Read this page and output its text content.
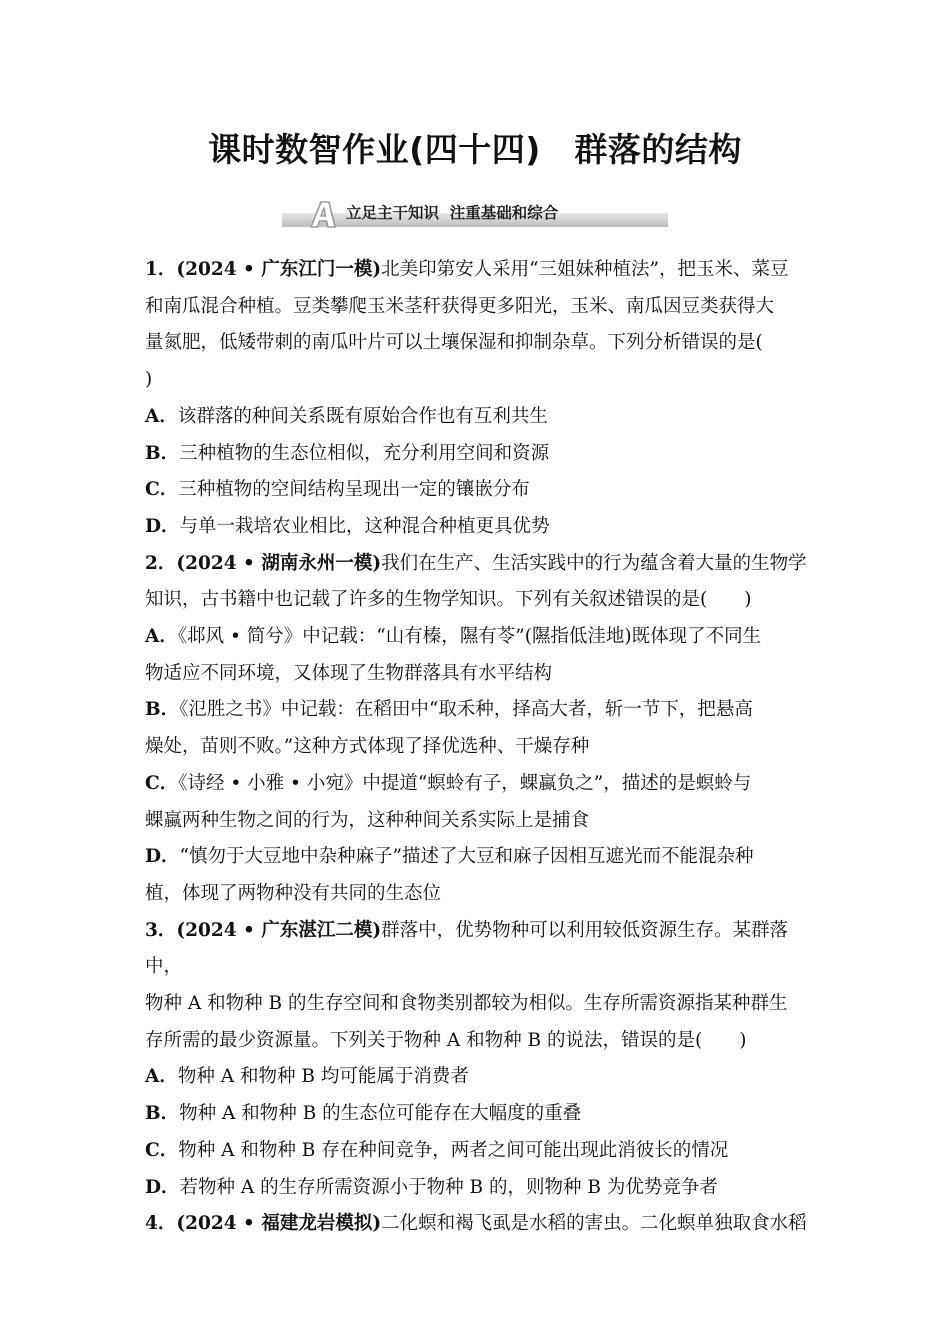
课时数智作业(四十四)　群落的结构
立足主干知识  注重基础和综合

1．(2024 • 广东江门一模)北美印第安人采用“三姐妹种植法”，把玉米、菜豆

和南瓜混合种植。豆类攀爬玉米茎秆获得更多阳光，玉米、南瓜因豆类获得大

量氮肥，低矮带刺的南瓜叶片可以土壤保湿和抑制杂草。下列分析错误的是(

)

A．该群落的种间关系既有原始合作也有互利共生

B．三种植物的生态位相似，充分利用空间和资源

C．三种植物的空间结构呈现出一定的镶嵌分布

D．与单一栽培农业相比，这种混合种植更具优势

2．(2024 • 湖南永州一模)我们在生产、生活实践中的行为蕴含着大量的生物学

知识，古书籍中也记载了许多的生物学知识。下列有关叙述错误的是(　　)

A．《邶风 • 简兮》中记载：“山有榛，隰有苓”(隰指低洼地)既体现了不同生

物适应不同环境，又体现了生物群落具有水平结构

B．《氾胜之书》中记载：在稻田中“取禾种，择高大者，斩一节下，把悬高

燥处，苗则不败。”这种方式体现了择优选种、干燥存种

C．《诗经 • 小雅 • 小宛》中提道“螟蛉有子，蜾蠃负之”，描述的是螟蛉与

蜾蠃两种生物之间的行为，这种种间关系实际上是捕食

D．“慎勿于大豆地中杂种麻子”描述了大豆和麻子因相互遮光而不能混杂种

植，体现了两物种没有共同的生态位

3．(2024 • 广东湛江二模)群落中，优势物种可以利用较低资源生存。某群落中，

物种 A 和物种 B 的生存空间和食物类别都较为相似。生存所需资源指某种群生

存所需的最少资源量。下列关于物种 A 和物种 B 的说法，错误的是(　　)

A．物种 A 和物种 B 均可能属于消费者

B．物种 A 和物种 B 的生态位可能存在大幅度的重叠

C．物种 A 和物种 B 存在种间竞争，两者之间可能出现此消彼长的情况

D．若物种 A 的生存所需资源小于物种 B 的，则物种 B 为优势竞争者

4．(2024 • 福建龙岩模拟)二化螟和褐飞虱是水稻的害虫。二化螟单独取食水稻
